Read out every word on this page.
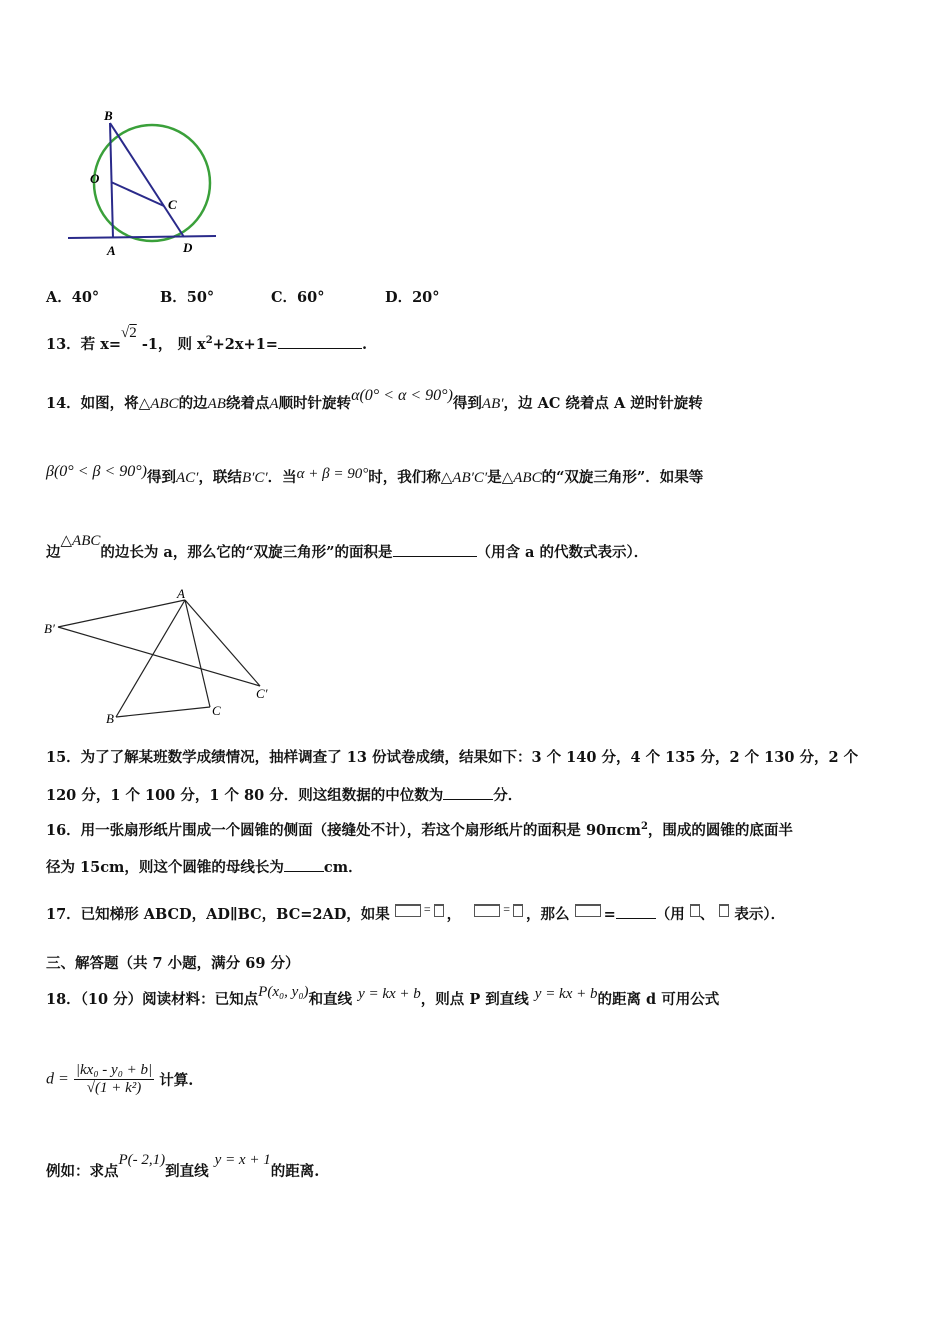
B
O
C
A	D
A．40°	B．50°	C．60°	D．20°
13．若 x=√2 -1， 则 $x^2+2x+1=$	.
14．如图，将△ABC的边AB绕着点A顺时针旋转α(0° < α < 90°)得到AB′，边 AC 绕着点 A 逆时针旋转
β(0° < β < 90°)得到AC′，联结B′C′．当α + β = 90°时，我们称△AB′C′是△ABC的“双旋三角形”．如果等
边△ABC的边长为 a，那么它的“双旋三角形”的面积是	（用含 a 的代数式表示）．
A
B′
C′
B
C
15．为了了解某班数学成绩情况，抽样调查了 13 份试卷成绩，结果如下：3 个 140 分，4 个 135 分，2 个 130 分，2 个
120 分，1 个 100 分，1 个 80 分．则这组数据的中位数为	分．
16．用一张扇形纸片围成一个圆锥的侧面（接缝处不计），若这个扇形纸片的面积是 90πcm$^2$，围成的圆锥的底面半
径为 15cm，则这个圆锥的母线长为	cm．
17．已知梯形 ABCD，AD∥BC，BC=2AD，如果	=  ，	=  ，那么 =	（用 、 表示）．
三、解答题（共 7 小题，满分 69 分）
18．（10 分）阅读材料：已知点P(x₀, y₀)和直线 y = kx + b，则点 P 到直线 y = kx + b的距离 d 可用公式
$d = \frac{\text{|kx₀ - y₀ + b|}}{\text{√(1 + k²)}}$ 计算.
例如：求点P(- 2,1)到直线y = x + 1的距离.
